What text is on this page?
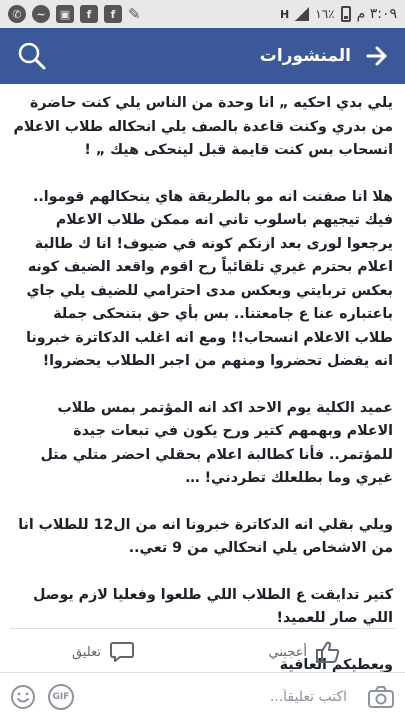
✆	~	▣	f	f ✎	H ١٦٪ ٣:٠٩ م
المنشورات

يلي بدي احكيه „ انا وحدة من الناس يلي كنت حاضرة من بدري وكنت قاعدة بالصف يلي انحكاله طلاب الاعلام انسحاب بس كنت قايمة قبل لينحكى هيك „ !

هلا انا صفنت انه مو بالطريقة هاي ينحكالهم قوموا.. فيك تيجيهم باسلوب تاني انه ممكن طلاب الاعلام يرجعوا لورى بعد ازنكم كونه في ضيوف! انا ك طالبة اعلام بحترم غيري تلقائياً رح اقوم واقعد الضيف كونه بعكس تربايتي وبعكس مدى احترامي للضيف يلي جاي باعتباره عنا ع جامعتنا.. بس بأي حق بتنحكى جملة طلاب الاعلام انسحاب!! ومع انه اغلب الدكاترة خبرونا انه يفضل تحضروا ومنهم من اجبر الطلاب يحضروا!

عميد الكلية يوم الاحد اكد انه المؤتمر بمس طلاب الاعلام وبهمهم كتير ورح يكون في تبعات جيدة للمؤتمر.. فأنا كطالبة اعلام بحقلي احضر متلي متل غيري وما بطلعلك تطردني! …

ويلي بقلي انه الدكاترة خبرونا انه من ال12 للطلاب انا من الاشخاص يلي انحكالي من 9 تعي..

كتير تدايقت ع الطلاب اللي طلعوا وفعليا لازم يوصل اللي صار للعميد!

ويعطيكم العافية

تعليق	أعجبني
GIF
اكتب تعليقاً...
